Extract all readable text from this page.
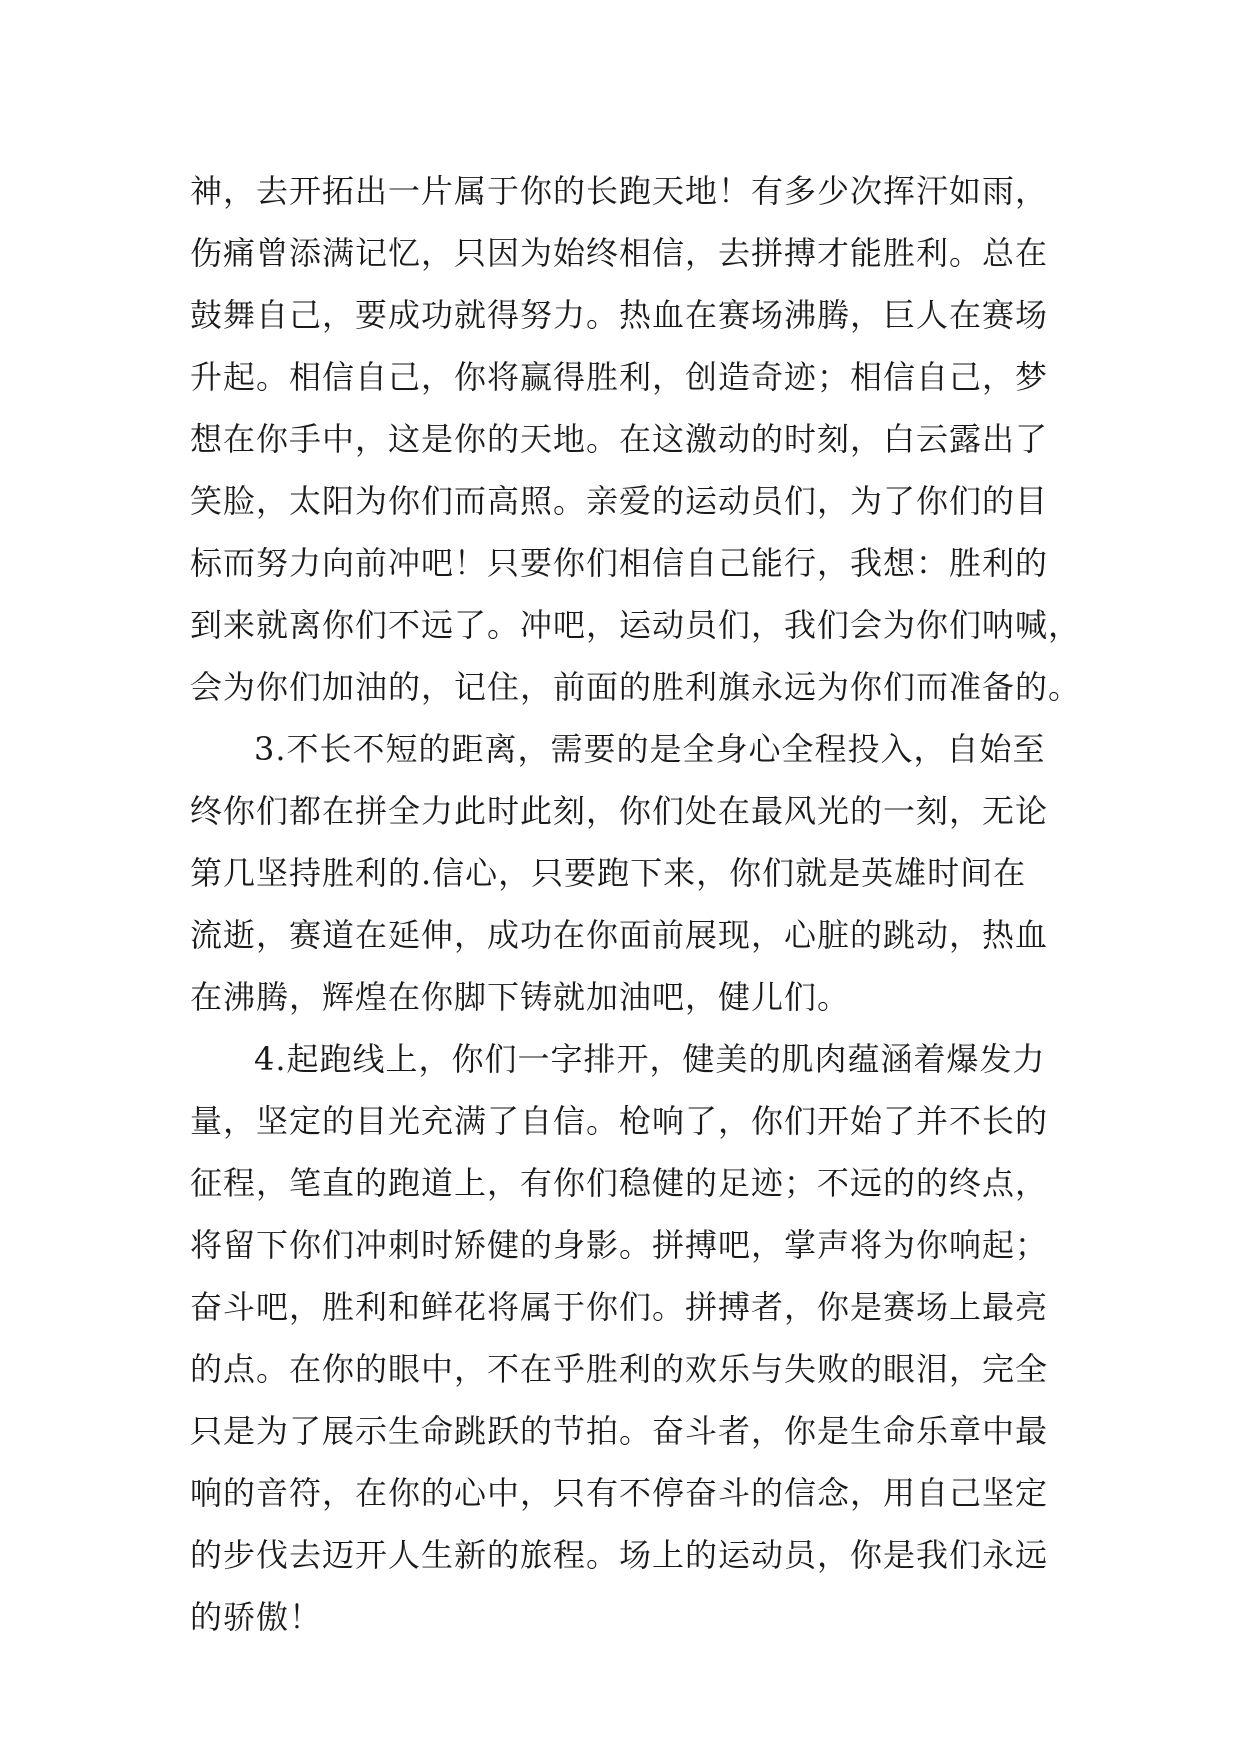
神，去开拓出一片属于你的长跑天地！有多少次挥汗如雨，
伤痛曾添满记忆，只因为始终相信，去拼搏才能胜利。总在
鼓舞自己，要成功就得努力。热血在赛场沸腾，巨人在赛场
升起。相信自己，你将赢得胜利，创造奇迹；相信自己，梦
想在你手中，这是你的天地。在这激动的时刻，白云露出了
笑脸，太阳为你们而高照。亲爱的运动员们，为了你们的目
标而努力向前冲吧！只要你们相信自己能行，我想：胜利的
到来就离你们不远了。冲吧，运动员们，我们会为你们呐喊，
会为你们加油的，记住，前面的胜利旗永远为你们而准备的。
3.不长不短的距离，需要的是全身心全程投入，自始至
终你们都在拼全力此时此刻，你们处在最风光的一刻，无论
第几坚持胜利的.信心，只要跑下来，你们就是英雄时间在
流逝，赛道在延伸，成功在你面前展现，心脏的跳动，热血
在沸腾，辉煌在你脚下铸就加油吧，健儿们。
4.起跑线上，你们一字排开，健美的肌肉蕴涵着爆发力
量，坚定的目光充满了自信。枪响了，你们开始了并不长的
征程，笔直的跑道上，有你们稳健的足迹；不远的的终点，
将留下你们冲刺时矫健的身影。拼搏吧，掌声将为你响起；
奋斗吧，胜利和鲜花将属于你们。拼搏者，你是赛场上最亮
的点。在你的眼中，不在乎胜利的欢乐与失败的眼泪，完全
只是为了展示生命跳跃的节拍。奋斗者，你是生命乐章中最
响的音符，在你的心中，只有不停奋斗的信念，用自己坚定
的步伐去迈开人生新的旅程。场上的运动员，你是我们永远
的骄傲！
